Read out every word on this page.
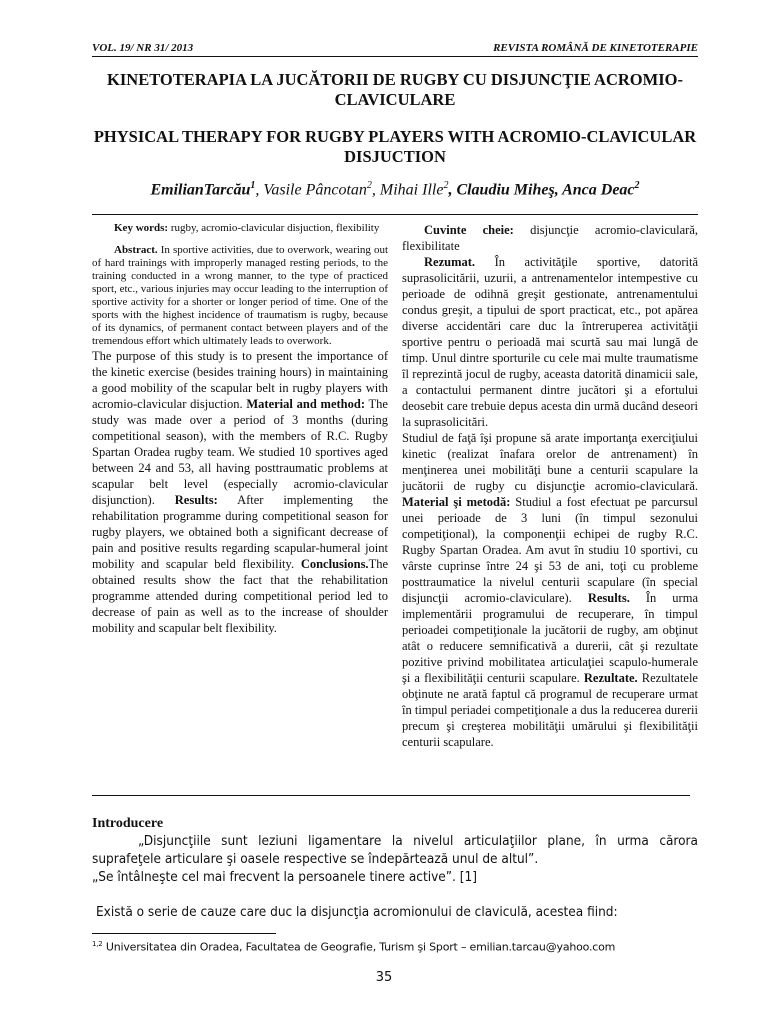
VOL. 19/ NR 31/ 2013	REVISTA ROMÂNĂ DE KINETOTERAPIE
KINETOTERAPIA LA JUCĂTORII DE RUGBY CU DISJUNCŢIE ACROMIO-CLAVICULARE
PHYSICAL THERAPY FOR RUGBY PLAYERS WITH ACROMIO-CLAVICULAR DISJUCTION
EmilianTarcău$^1$, Vasile Pâncotan$^2$, Mihai Ille$^2$, Claudiu Miheş, Anca Deac$^2$

Key words: rugby, acromio-clavicular disjuction, flexibility

Abstract. In sportive activities, due to overwork, wearing out of hard trainings with improperly managed resting periods, to the training conducted in a wrong manner, to the type of practiced sport, etc., various injuries may occur leading to the interruption of sportive activity for a shorter or longer period of time. One of the sports with the highest incidence of traumatism is rugby, because of its dynamics, of permanent contact between players and of the tremendous effort which ultimately leads to overwork.

The purpose of this study is to present the importance of the kinetic exercise (besides training hours) in maintaining a good mobility of the scapular belt in rugby players with acromio-clavicular disjuction. Material and method: The study was made over a period of 3 months (during competitional season), with the members of R.C. Rugby Spartan Oradea rugby team. We studied 10 sportives aged between 24 and 53, all having posttraumatic problems at scapular belt level (especially acromio-clavicular disjunction). Results: After implementing the rehabilitation programme during competitional season for rugby players, we obtained both a significant decrease of pain and positive results regarding scapular-humeral joint mobility and scapular beld flexibility. Conclusions.The obtained results show the fact that the rehabilitation programme attended during competitional period led to decrease of pain as well as to the increase of shoulder mobility and scapular belt flexibility.

Cuvinte cheie: disjuncţie acromio-claviculară, flexibilitate

Rezumat. În activităţile sportive, datorită suprasolicitării, uzurii, a antrenamentelor intempestive cu perioade de odihnă greşit gestionate, antrenamentului condus greşit, a tipului de sport practicat, etc., pot apărea diverse accidentări care duc la întreruperea activităţii sportive pentru o perioadă mai scurtă sau mai lungă de timp. Unul dintre sporturile cu cele mai multe traumatisme îl reprezintă jocul de rugby, aceasta datorită dinamicii sale, a contactului permanent dintre jucători şi a efortului deosebit care trebuie depus acesta din urmă ducând deseori la suprasolicitări.

Studiul de faţă îşi propune să arate importanţa exerciţiului kinetic (realizat înafara orelor de antrenament) în menţinerea unei mobilităţi bune a centurii scapulare la jucătorii de rugby cu disjuncţie acromio-claviculară. Material şi metodă: Studiul a fost efectuat pe parcursul unei perioade de 3 luni (în timpul sezonului competiţional), la componenţii echipei de rugby R.C. Rugby Spartan Oradea. Am avut în studiu 10 sportivi, cu vârste cuprinse între 24 şi 53 de ani, toţi cu probleme posttraumatice la nivelul centurii scapulare (în special disjuncţii acromio-claviculare). Results. În urma implementării programului de recuperare, în timpul perioadei competiţionale la jucătorii de rugby, am obţinut atât o reducere semnificativă a durerii, cât şi rezultate pozitive privind mobilitatea articulaţiei scapulo-humerale şi a flexibilităţii centurii scapulare. Rezultate. Rezultatele obţinute ne arată faptul că programul de recuperare urmat în timpul periadei competiţionale a dus la reducerea durerii precum şi creşterea mobilităţii umărului şi flexibilităţii centurii scapulare.

Introducere
„Disjuncţiile sunt leziuni ligamentare la nivelul articulaţiilor plane, în urma cărora suprafeţele articulare şi oasele respective se îndepărtează unul de altul”.
„Se întâlneşte cel mai frecvent la persoanele tinere active”. [1]
Există o serie de cauze care duc la disjuncţia acromionului de claviculă, acestea fiind:
$^{1,2}$ Universitatea din Oradea, Facultatea de Geografie, Turism şi Sport – emilian.tarcau@yahoo.com
35
